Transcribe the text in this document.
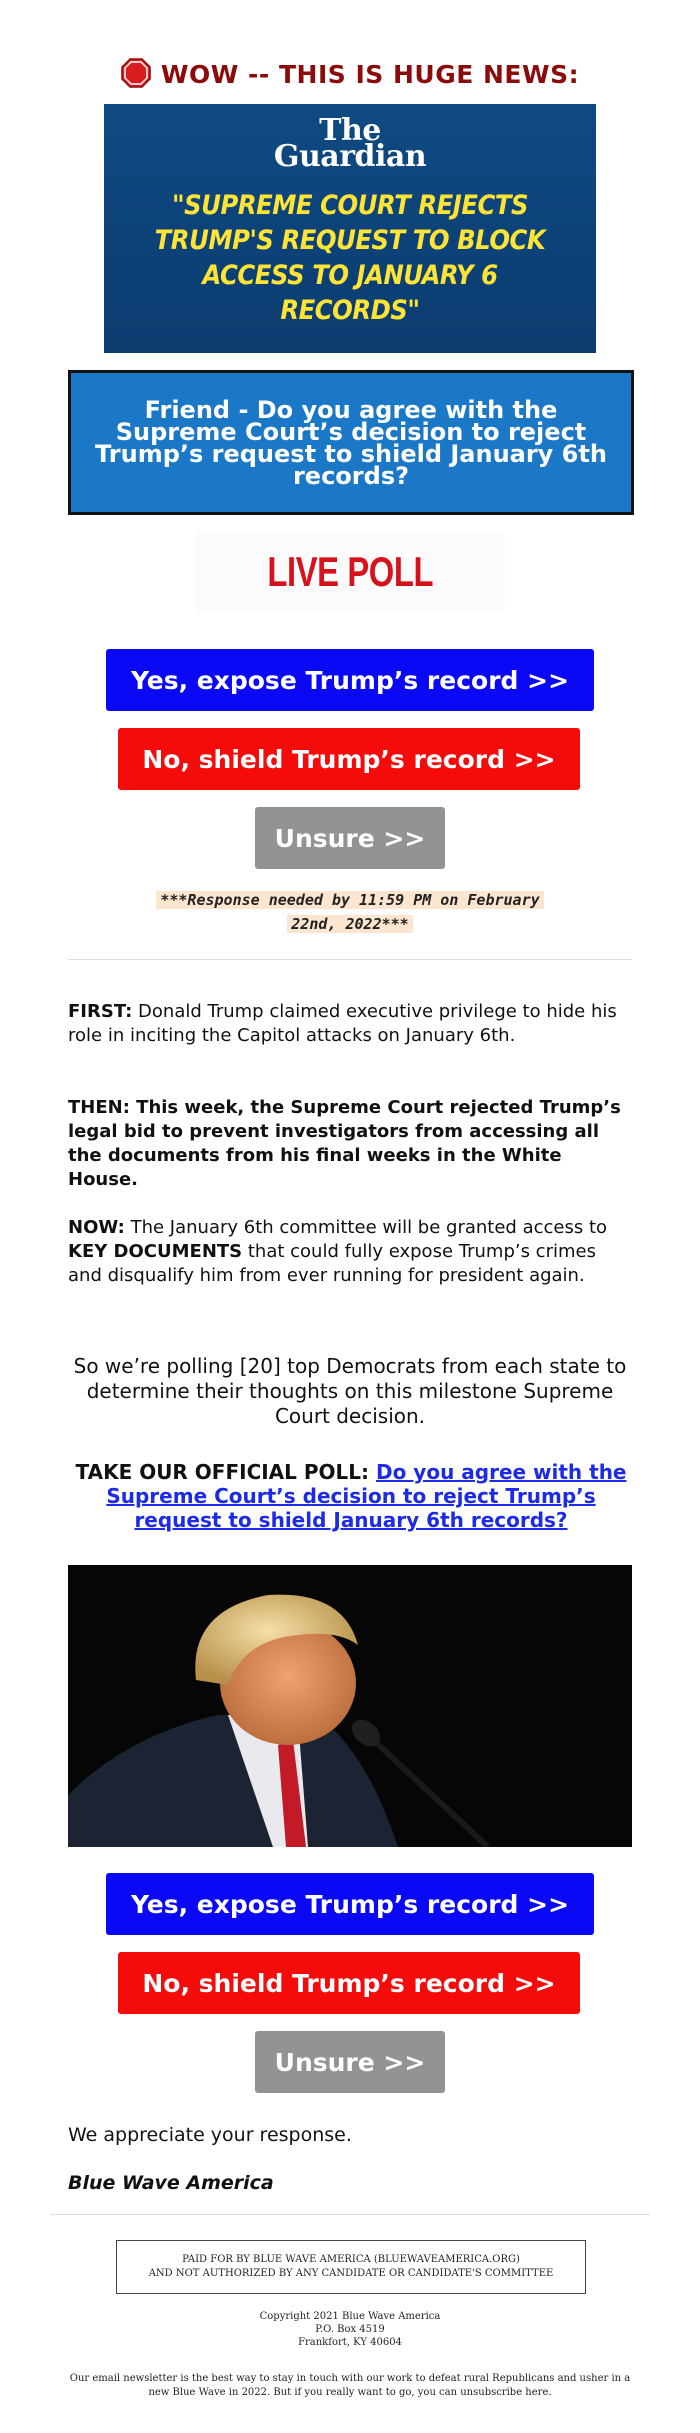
WOW -- THIS IS HUGE NEWS:
The
Guardian
"SUPREME COURT REJECTS TRUMP'S REQUEST TO BLOCK ACCESS TO JANUARY 6 RECORDS"
Friend - Do you agree with the Supreme Court’s decision to reject Trump’s request to shield January 6th records?
LIVE POLL
Yes, expose Trump’s record >>
No, shield Trump’s record >>
Unsure >>
***Response needed by 11:59 PM on February
22nd, 2022***
FIRST: Donald Trump claimed executive privilege to hide his role in inciting the Capitol attacks on January 6th.
THEN: This week, the Supreme Court rejected Trump’s legal bid to prevent investigators from accessing all the documents from his final weeks in the White House.
NOW: The January 6th committee will be granted access to KEY DOCUMENTS that could fully expose Trump’s crimes and disqualify him from ever running for president again.
So we’re polling [20] top Democrats from each state to determine their thoughts on this milestone Supreme Court decision.
TAKE OUR OFFICIAL POLL: Do you agree with the Supreme Court’s decision to reject Trump’s request to shield January 6th records?
Yes, expose Trump’s record >>
No, shield Trump’s record >>
Unsure >>
We appreciate your response.
Blue Wave America
PAID FOR BY BLUE WAVE AMERICA (BLUEWAVEAMERICA.ORG)
AND NOT AUTHORIZED BY ANY CANDIDATE OR CANDIDATE'S COMMITTEE
Copyright 2021 Blue Wave America
P.O. Box 4519
Frankfort, KY 40604
Our email newsletter is the best way to stay in touch with our work to defeat rural Republicans and usher in a new Blue Wave in 2022. But if you really want to go, you can unsubscribe here.
